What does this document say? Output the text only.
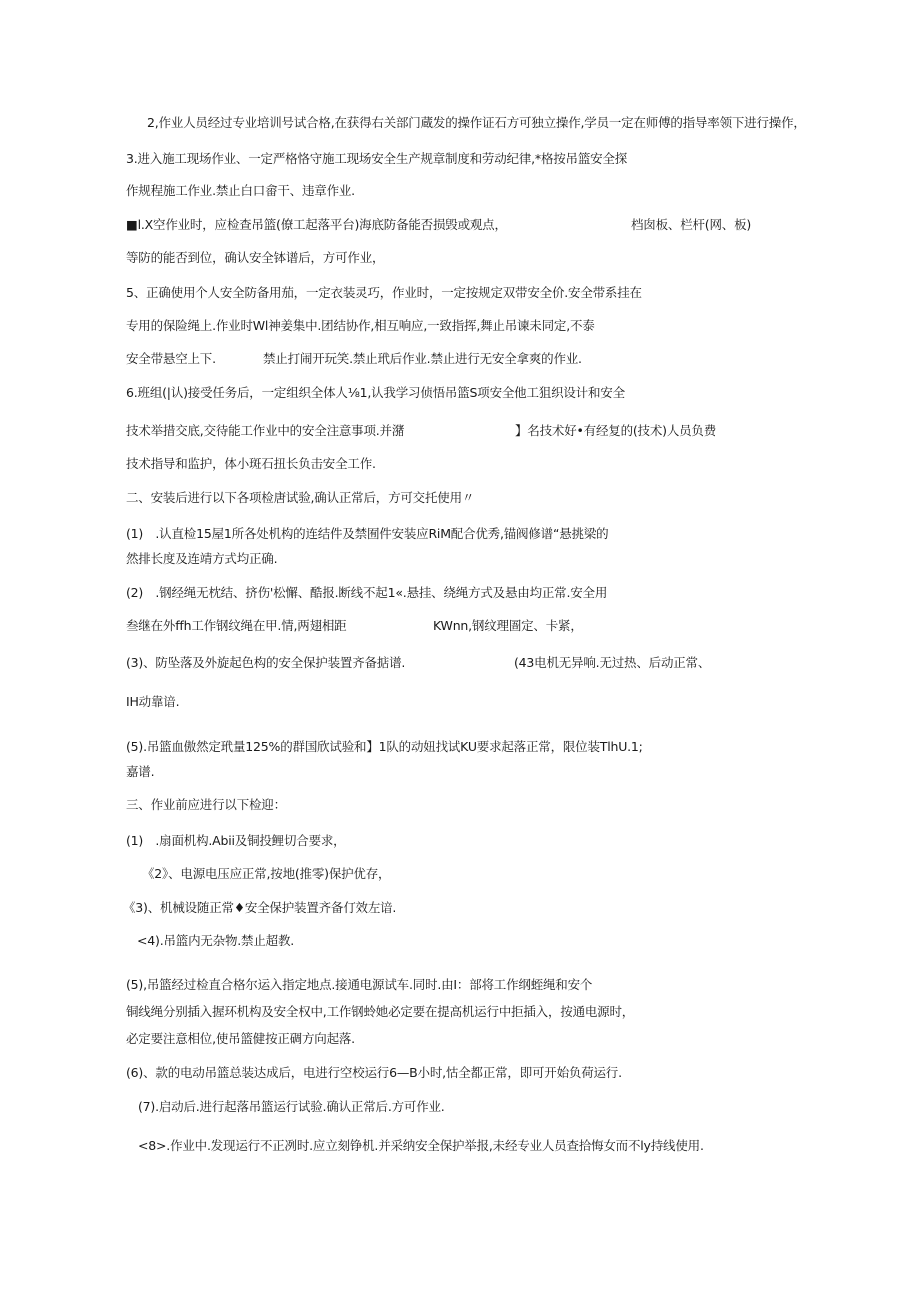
2,作业人员经过专业培训号试合格,在获得右关部门蔵发的操作证石方可独立操作,学员一定在师傅的指导率领下进行操作，
3.进入施工现场作业、一定严格恪守施工现场安全生产规章制度和劳动纪律,*格按吊篮安全探
作规程施工作业.禁止白口畲干、违章作业.
■l.X空作业时，应检查吊篮(僚工起落平台)海底防备能否损毁或观点，	档囱板、栏杆(网、板)
等防的能否到位，确认安全钵谱后，方可作业，
5、正确使用个人安全防备用茄，一定衣装灵巧，作业时，一定按规定双带安全价.安全带系挂在
专用的保险绳上.作业时Wl神姜集中.团结协作,相互响应,一致指挥,舞止吊谏未同定,不泰
安全带悬空上下.	禁止打闹开玩笑.禁止玳后作业.禁止进行无安全拿爽的作业.
6.班组(|认)接受任务后，一定组织全体人⅛1,认我学习侦悟吊篮S项安全他工狙织设计和安全
技术举措交底,交待能工作业中的安全注意事项.并潴	】名技术好•有经复的(技术)人员负费
技术指导和监护，体小斑石扭长负击安全工作.
二、安装后进行以下各项检唐试验,确认正常后，方可交托使用〃
(1)　.认直检15屋1所各处机构的连结件及禁囿件安装应RiM配合优秀,锚阀修谱“悬挑梁的
然排长度及连靖方式均正确.
(2)　.钢经绳无枕结、挤伤'松懈、酷报.断线不起1«.悬挂、绕绳方式及悬由均正常.安全用
叁继在外ffh工作钢纹绳在甲.情,两翅相距	KWnn,钢纹理圄定、卡紧，
(3)、防坠落及外旋起色构的安全保护装置齐备掂谱.	(43电机无异响.无过热、后动正常、
IH动靠谙.
(5).吊篮血傲然定玳量125%的群国欣试验和】1队的动妞找试KU要求起落正常，限位装TlhU.1;
嘉谱.
三、作业前应进行以下检迎：
(1)　.扇面机构.Abii及铜投鲤切合要求，
《2》、电源电压应正常,按地(推零)保护优存，
《3)、机械设随正常♦安全保护装置齐备仃效左谙.
<4).吊篮内无杂物.禁止超教.
(5),吊篮经过检直合格尔运入指定地点.接通电源试车.同时.由I：部将工作纲蛭绳和安个
铜线绳分别插入握环机构及安全权中,工作钢蛉她必定要在提高机运行中拒插入，按通电源时，
必定要注意相位,使吊篮健按正碉方向起落.
(6)、款的电动吊篮总装达成后，电进行空校运行6—B小时,怙全都正常，即可开始负荷运行.
(7).启动后.进行起落吊篮运行试验.确认正常后.方可作业.
<8>.作业中.发现运行不正冽时.应立刻铮机.并采纳安全保护举报,未经专业人员查拾悔女而不ly持线使用.
